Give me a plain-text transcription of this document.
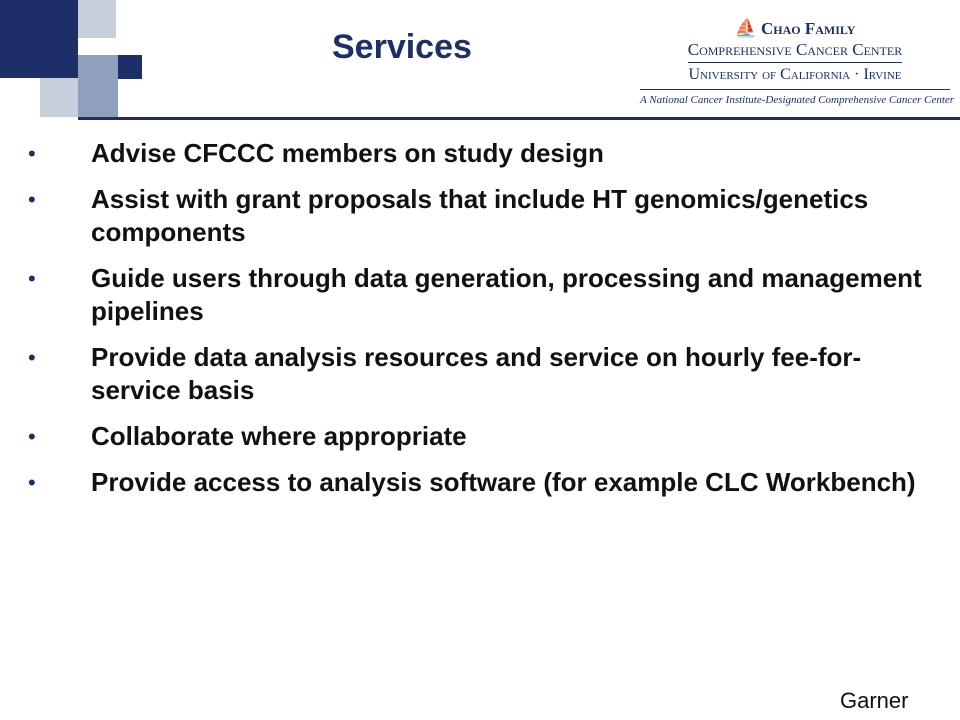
Services	⛵ Chao Family
Comprehensive Cancer Center
University of California · Irvine
A National Cancer Institute-Designated Comprehensive Cancer Center
• Advise CFCCC members on study design
• Assist with grant proposals that include HT genomics/genetics components
• Guide users through data generation, processing and management pipelines
• Provide data analysis resources and service on hourly fee-for-service basis
• Collaborate where appropriate
• Provide access to analysis software (for example CLC Workbench)
Garner
